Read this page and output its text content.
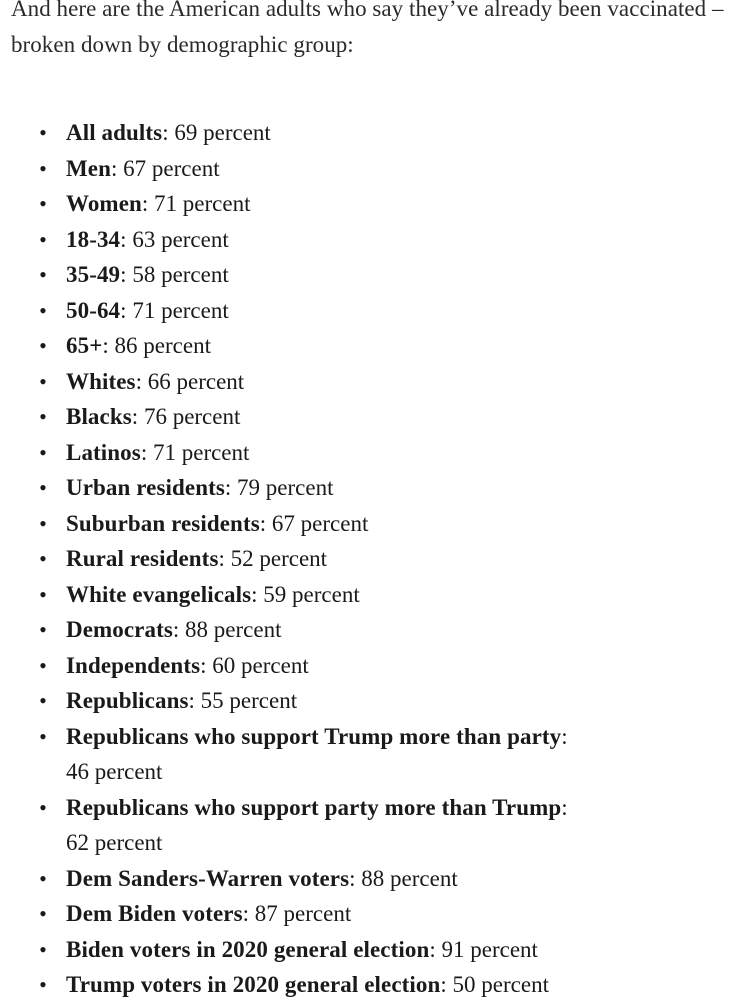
And here are the American adults who say they’ve already been vaccinated – broken down by demographic group:

• All adults: 69 percent
• Men: 67 percent
• Women: 71 percent
• 18-34: 63 percent
• 35-49: 58 percent
• 50-64: 71 percent
• 65+: 86 percent
• Whites: 66 percent
• Blacks: 76 percent
• Latinos: 71 percent
• Urban residents: 79 percent
• Suburban residents: 67 percent
• Rural residents: 52 percent
• White evangelicals: 59 percent
• Democrats: 88 percent
• Independents: 60 percent
• Republicans: 55 percent
• Republicans who support Trump more than party:
46 percent
• Republicans who support party more than Trump:
62 percent
• Dem Sanders-Warren voters: 88 percent
• Dem Biden voters: 87 percent
• Biden voters in 2020 general election: 91 percent
• Trump voters in 2020 general election: 50 percent
